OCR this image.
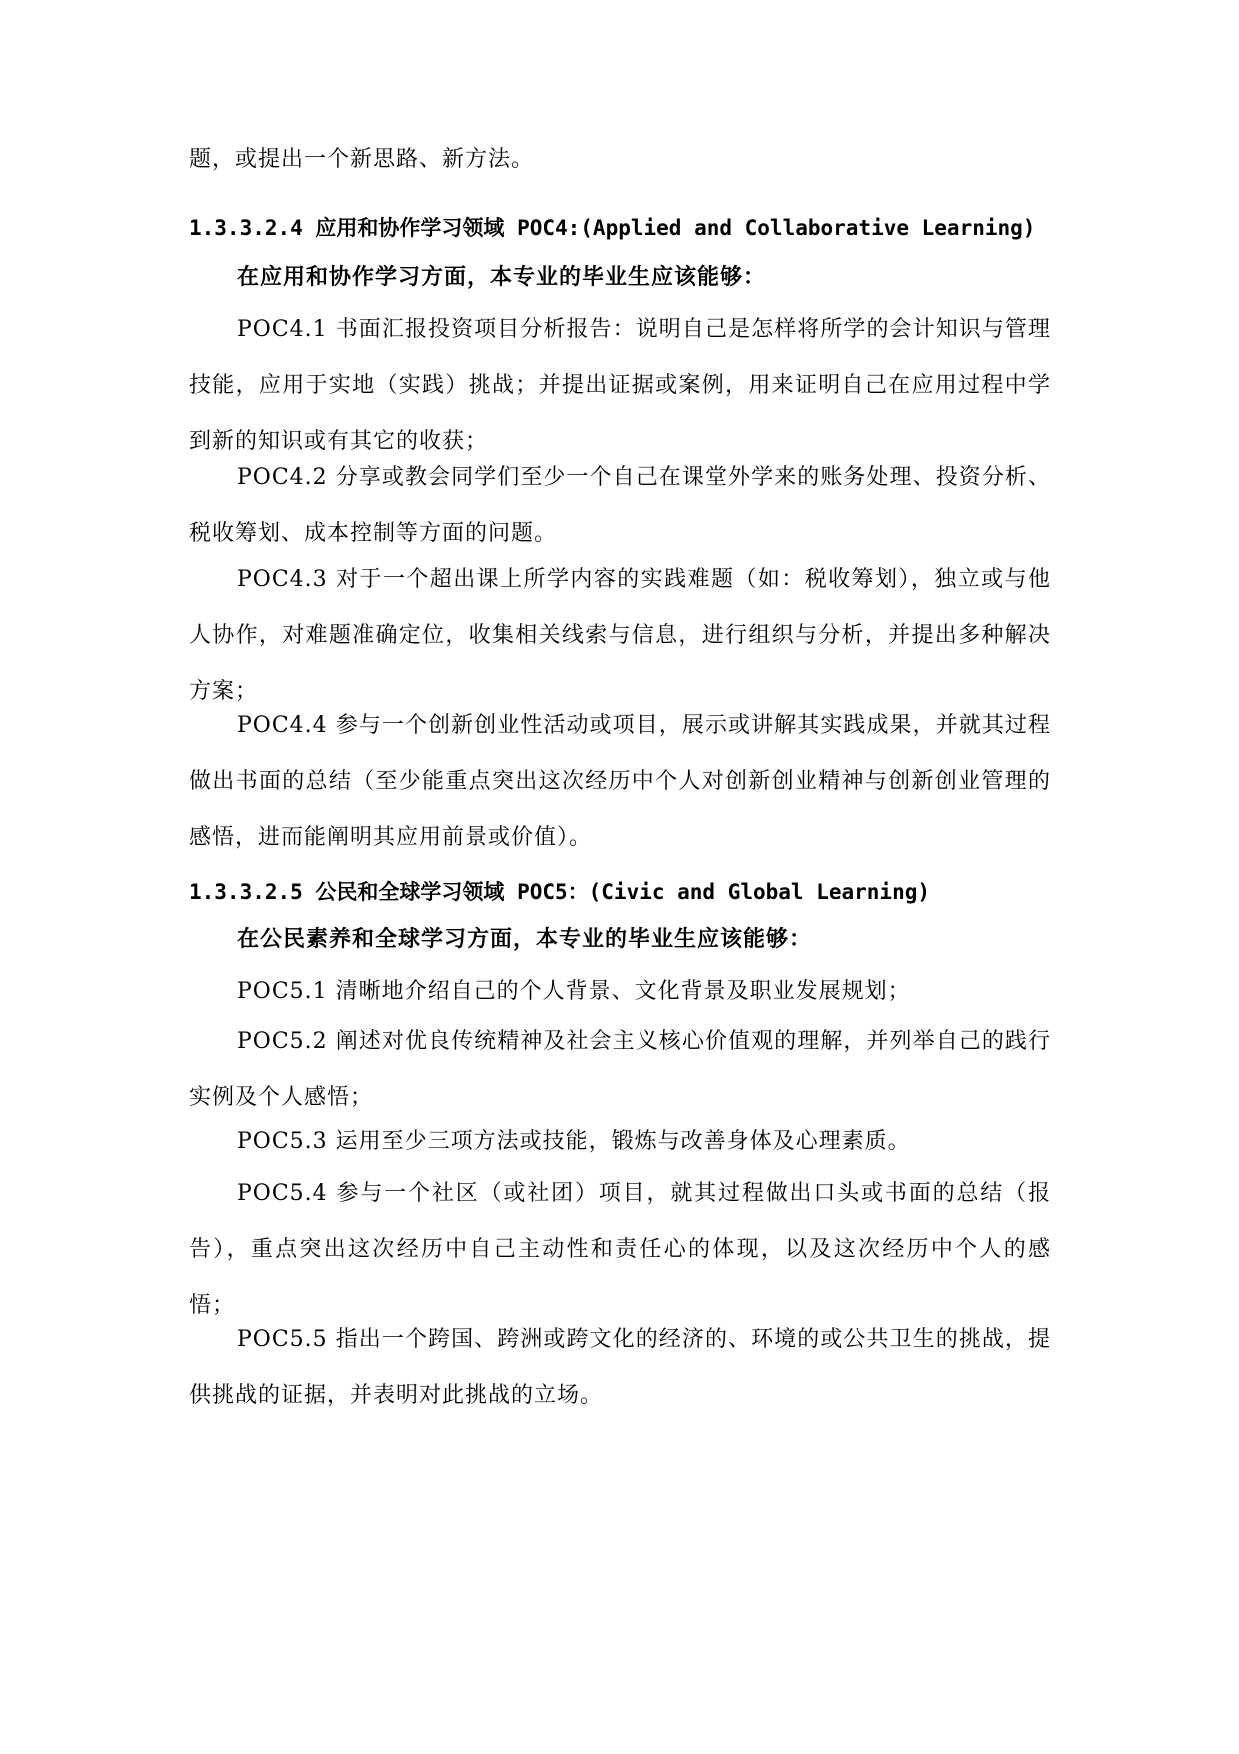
题，或提出一个新思路、新方法。

1.3.3.2.4 应用和协作学习领域 POC4:(Applied and Collaborative Learning)

在应用和协作学习方面，本专业的毕业生应该能够：

POC4.1 书面汇报投资项目分析报告：说明自己是怎样将所学的会计知识与管理技能，应用于实地（实践）挑战；并提出证据或案例，用来证明自己在应用过程中学到新的知识或有其它的收获；

POC4.2 分享或教会同学们至少一个自己在课堂外学来的账务处理、投资分析、税收筹划、成本控制等方面的问题。

POC4.3 对于一个超出课上所学内容的实践难题（如：税收筹划），独立或与他人协作，对难题准确定位，收集相关线索与信息，进行组织与分析，并提出多种解决方案；

POC4.4 参与一个创新创业性活动或项目，展示或讲解其实践成果，并就其过程做出书面的总结（至少能重点突出这次经历中个人对创新创业精神与创新创业管理的感悟，进而能阐明其应用前景或价值）。

1.3.3.2.5 公民和全球学习领域 POC5：(Civic and Global Learning)

在公民素养和全球学习方面，本专业的毕业生应该能够：

POC5.1 清晰地介绍自己的个人背景、文化背景及职业发展规划；

POC5.2 阐述对优良传统精神及社会主义核心价值观的理解，并列举自己的践行实例及个人感悟；

POC5.3 运用至少三项方法或技能，锻炼与改善身体及心理素质。

POC5.4 参与一个社区（或社团）项目，就其过程做出口头或书面的总结（报告），重点突出这次经历中自己主动性和责任心的体现，以及这次经历中个人的感悟；

POC5.5 指出一个跨国、跨洲或跨文化的经济的、环境的或公共卫生的挑战，提供挑战的证据，并表明对此挑战的立场。
